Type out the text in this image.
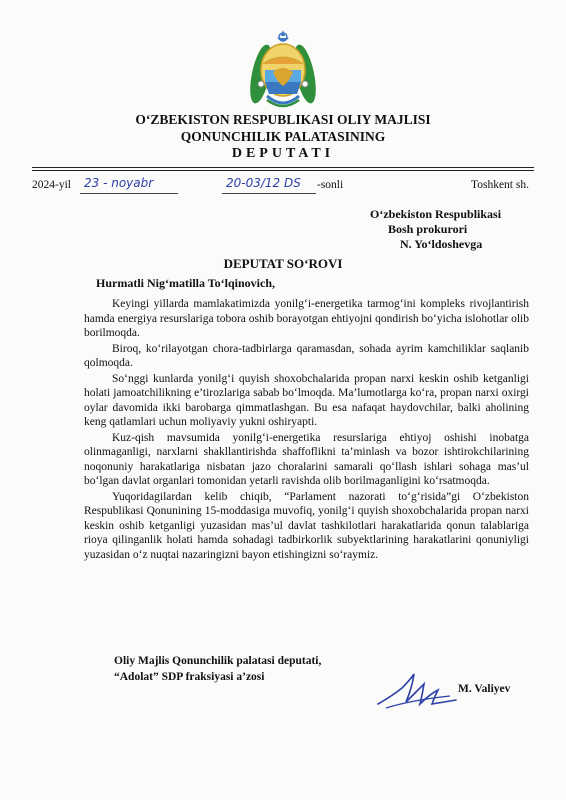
O‘ZBEKISTON RESPUBLIKASI OLIY MAJLISI
QONUNCHILIK PALATASINING
DEPUTATI
2024-yil 23 - noyabr	20-03/12 DS -sonli	Toshkent sh.
O‘zbekiston Respublikasi
Bosh prokurori
N. Yo‘ldoshevga
DEPUTAT SO‘ROVI
Hurmatli Nig‘matilla To‘lqinovich,

Keyingi yillarda mamlakatimizda yonilg‘i-energetika tarmog‘ini kompleks rivojlantirish hamda energiya resurslariga tobora oshib borayotgan ehtiyojni qondirish bo‘yicha islohotlar olib borilmoqda.

Biroq, ko‘rilayotgan chora-tadbirlarga qaramasdan, sohada ayrim kamchiliklar saqlanib qolmoqda.

So‘nggi kunlarda yonilg‘i quyish shoxobchalarida propan narxi keskin oshib ketganligi holati jamoatchilikning e’tirozlariga sabab bo‘lmoqda. Ma’lumotlarga ko‘ra, propan narxi oxirgi oylar davomida ikki barobarga qimmatlashgan. Bu esa nafaqat haydovchilar, balki aholining keng qatlamlari uchun moliyaviy yukni oshiryapti.

Kuz-qish mavsumida yonilg‘i-energetika resurslariga ehtiyoj oshishi inobatga olinmaganligi, narxlarni shakllantirishda shaffoflikni ta’minlash va bozor ishtirokchilarining noqonuniy harakatlariga nisbatan jazo choralarini samarali qo‘llash ishlari sohaga mas’ul bo‘lgan davlat organlari tomonidan yetarli ravishda olib borilmaganligini ko‘rsatmoqda.

Yuqoridagilardan kelib chiqib, “Parlament nazorati to‘g‘risida”gi O‘zbekiston Respublikasi Qonunining 15-moddasiga muvofiq, yonilg‘i quyish shoxobchalarida propan narxi keskin oshib ketganligi yuzasidan mas’ul davlat tashkilotlari harakatlarida qonun talablariga rioya qilinganlik holati hamda sohadagi tadbirkorlik subyektlarining harakatlarini qonuniyligi yuzasidan o‘z nuqtai nazaringizni bayon etishingizni so‘raymiz.

Oliy Majlis Qonunchilik palatasi deputati,
“Adolat” SDP fraksiyasi a’zosi
M. Valiyev
